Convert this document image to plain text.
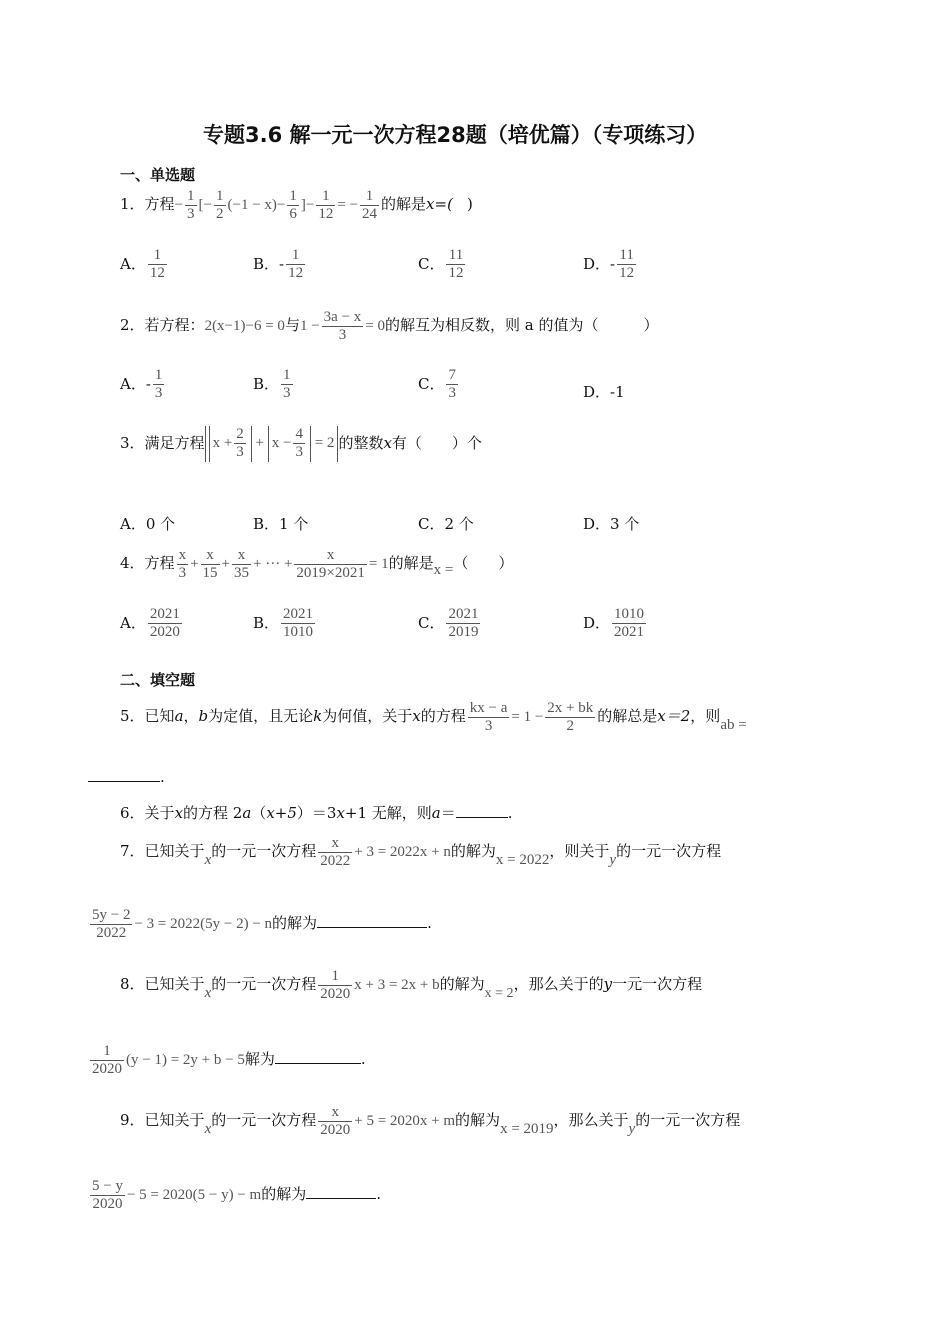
专题3.6 解一元一次方程28题（培优篇）（专项练习）
一、单选题
1．方程− $\frac{1}{3}$ [− $\frac{1}{2} (-1 - x)- \frac{1}{6}$ ]− $\frac{1}{12}$ = − $\frac{1}{24}$ 的解是x=( )
A． $\frac{1}{12}$	B．- $\frac{1}{12}$	C． $\frac{11}{12}$	D．- $\frac{11}{12}$
2．若方程：2(x−1)−6 = 0与$1 - \frac{3a - x}{3} = 0$的解互为相反数，则 a 的值为（　　　）
A．- $\frac{1}{3}$	B． $\frac{1}{3}$	C． $\frac{7}{3}$	D．-1
3．满足方程 $x + \frac{2}{3} + x - \frac{4}{3} = 2$ 的整数x有（　　）个
A．0 个	B．1 个	C．2 个	D．3 个
4．方程 $\frac{x}{3} + \frac{x}{15} + \frac{x}{35}$ + ··· + $\frac{x}{2019\times 2021} = 1$的解是x =（　　）
A． $\frac{2021}{2020}$	B． $\frac{2021}{1010}$	C． $\frac{2021}{2019}$	D． $\frac{1010}{2021}$
二、填空题
5．已知a，b为定值，且无论k为何值，关于x的方程 $\frac{kx - a}{3} = 1 - \frac{2x + bk}{2}$ 的解总是x＝2，则ab =
.
6．关于x的方程 2a（x+5）＝3x+1 无解，则a＝	.
7．已知关于x的一元一次方程 $\frac{x}{2022} + 3 = 2022x + n$的解为x = 2022，则关于y的一元一次方程
$\frac{5y - 2}{2022} - 3 = 2022(5y - 2) - n$的解为	.
8．已知关于x的一元一次方程 $\frac{1}{2020}$ x + 3 = 2x + b的解为x = 2，那么关于的y一元一次方程
$\frac{1}{2020} (y - 1) = 2y + b - 5$解为	.
9．已知关于x的一元一次方程 $\frac{x}{2020} + 5 = 2020x + m$的解为x = 2019，那么关于y的一元一次方程
$\frac{5 - y}{2020} - 5 = 2020(5 - y) - m$的解为	.
